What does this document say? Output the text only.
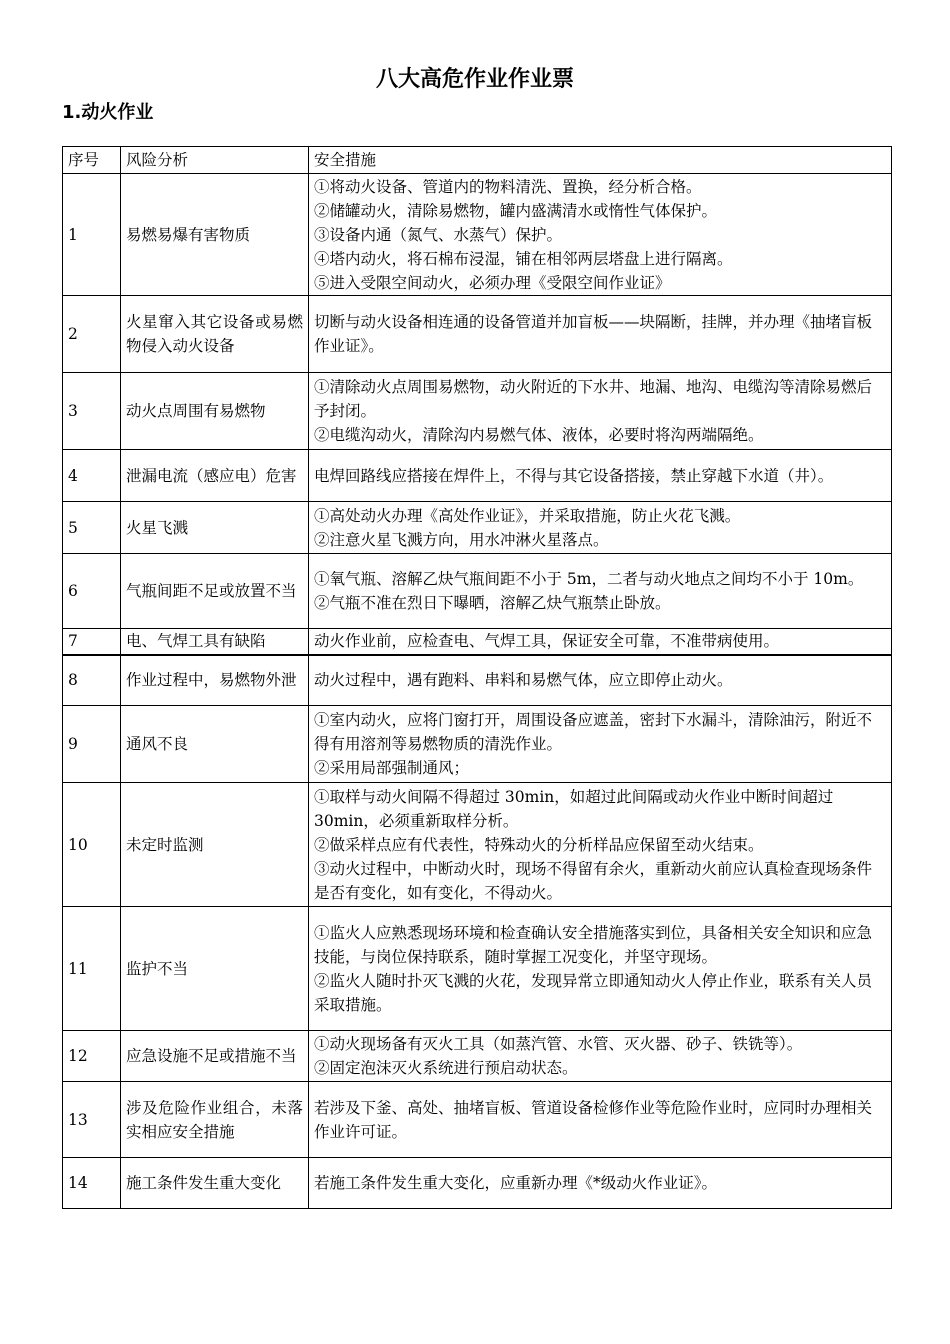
八大高危作业作业票
1.动火作业
序号	风险分析	安全措施
1	易燃易爆有害物质	①将动火设备、管道内的物料清洗、置换，经分析合格。
②储罐动火，清除易燃物，罐内盛满清水或惰性气体保护。
③设备内通（氮气、水蒸气）保护。
④塔内动火，将石棉布浸湿，铺在相邻两层塔盘上进行隔离。
⑤进入受限空间动火，必须办理《受限空间作业证》

2	火星窜入其它设备或易燃物侵入动火设备	切断与动火设备相连通的设备管道并加盲板——块隔断，挂牌，并办理《抽堵盲板作业证》。

3	动火点周围有易燃物	①清除动火点周围易燃物，动火附近的下水井、地漏、地沟、电缆沟等清除易燃后予封闭。
②电缆沟动火，清除沟内易燃气体、液体，必要时将沟两端隔绝。

4	泄漏电流（感应电）危害	电焊回路线应搭接在焊件上，不得与其它设备搭接，禁止穿越下水道（井）。

5	火星飞溅	①高处动火办理《高处作业证》，并采取措施，防止火花飞溅。
②注意火星飞溅方向，用水冲淋火星落点。

6	气瓶间距不足或放置不当	①氧气瓶、溶解乙炔气瓶间距不小于 5m，二者与动火地点之间均不小于 10m。
②气瓶不准在烈日下曝晒，溶解乙炔气瓶禁止卧放。

7	电、气焊工具有缺陷	动火作业前，应检查电、气焊工具，保证安全可靠，不准带病使用。

8	作业过程中，易燃物外泄	动火过程中，遇有跑料、串料和易燃气体，应立即停止动火。

9	通风不良	①室内动火，应将门窗打开，周围设备应遮盖，密封下水漏斗，清除油污，附近不得有用溶剂等易燃物质的清洗作业。
②采用局部强制通风；

10	未定时监测	①取样与动火间隔不得超过 30min，如超过此间隔或动火作业中断时间超过 30min，必须重新取样分析。
②做采样点应有代表性，特殊动火的分析样品应保留至动火结束。
③动火过程中，中断动火时，现场不得留有余火，重新动火前应认真检查现场条件是否有变化，如有变化，不得动火。

11	监护不当	①监火人应熟悉现场环境和检查确认安全措施落实到位，具备相关安全知识和应急技能，与岗位保持联系，随时掌握工况变化，并坚守现场。
②监火人随时扑灭飞溅的火花，发现异常立即通知动火人停止作业，联系有关人员采取措施。

12	应急设施不足或措施不当	①动火现场备有灭火工具（如蒸汽管、水管、灭火器、砂子、铁铣等）。
②固定泡沫灭火系统进行预启动状态。

13	涉及危险作业组合，未落实相应安全措施	若涉及下釜、高处、抽堵盲板、管道设备检修作业等危险作业时，应同时办理相关作业许可证。

14	施工条件发生重大变化	若施工条件发生重大变化，应重新办理《*级动火作业证》。
